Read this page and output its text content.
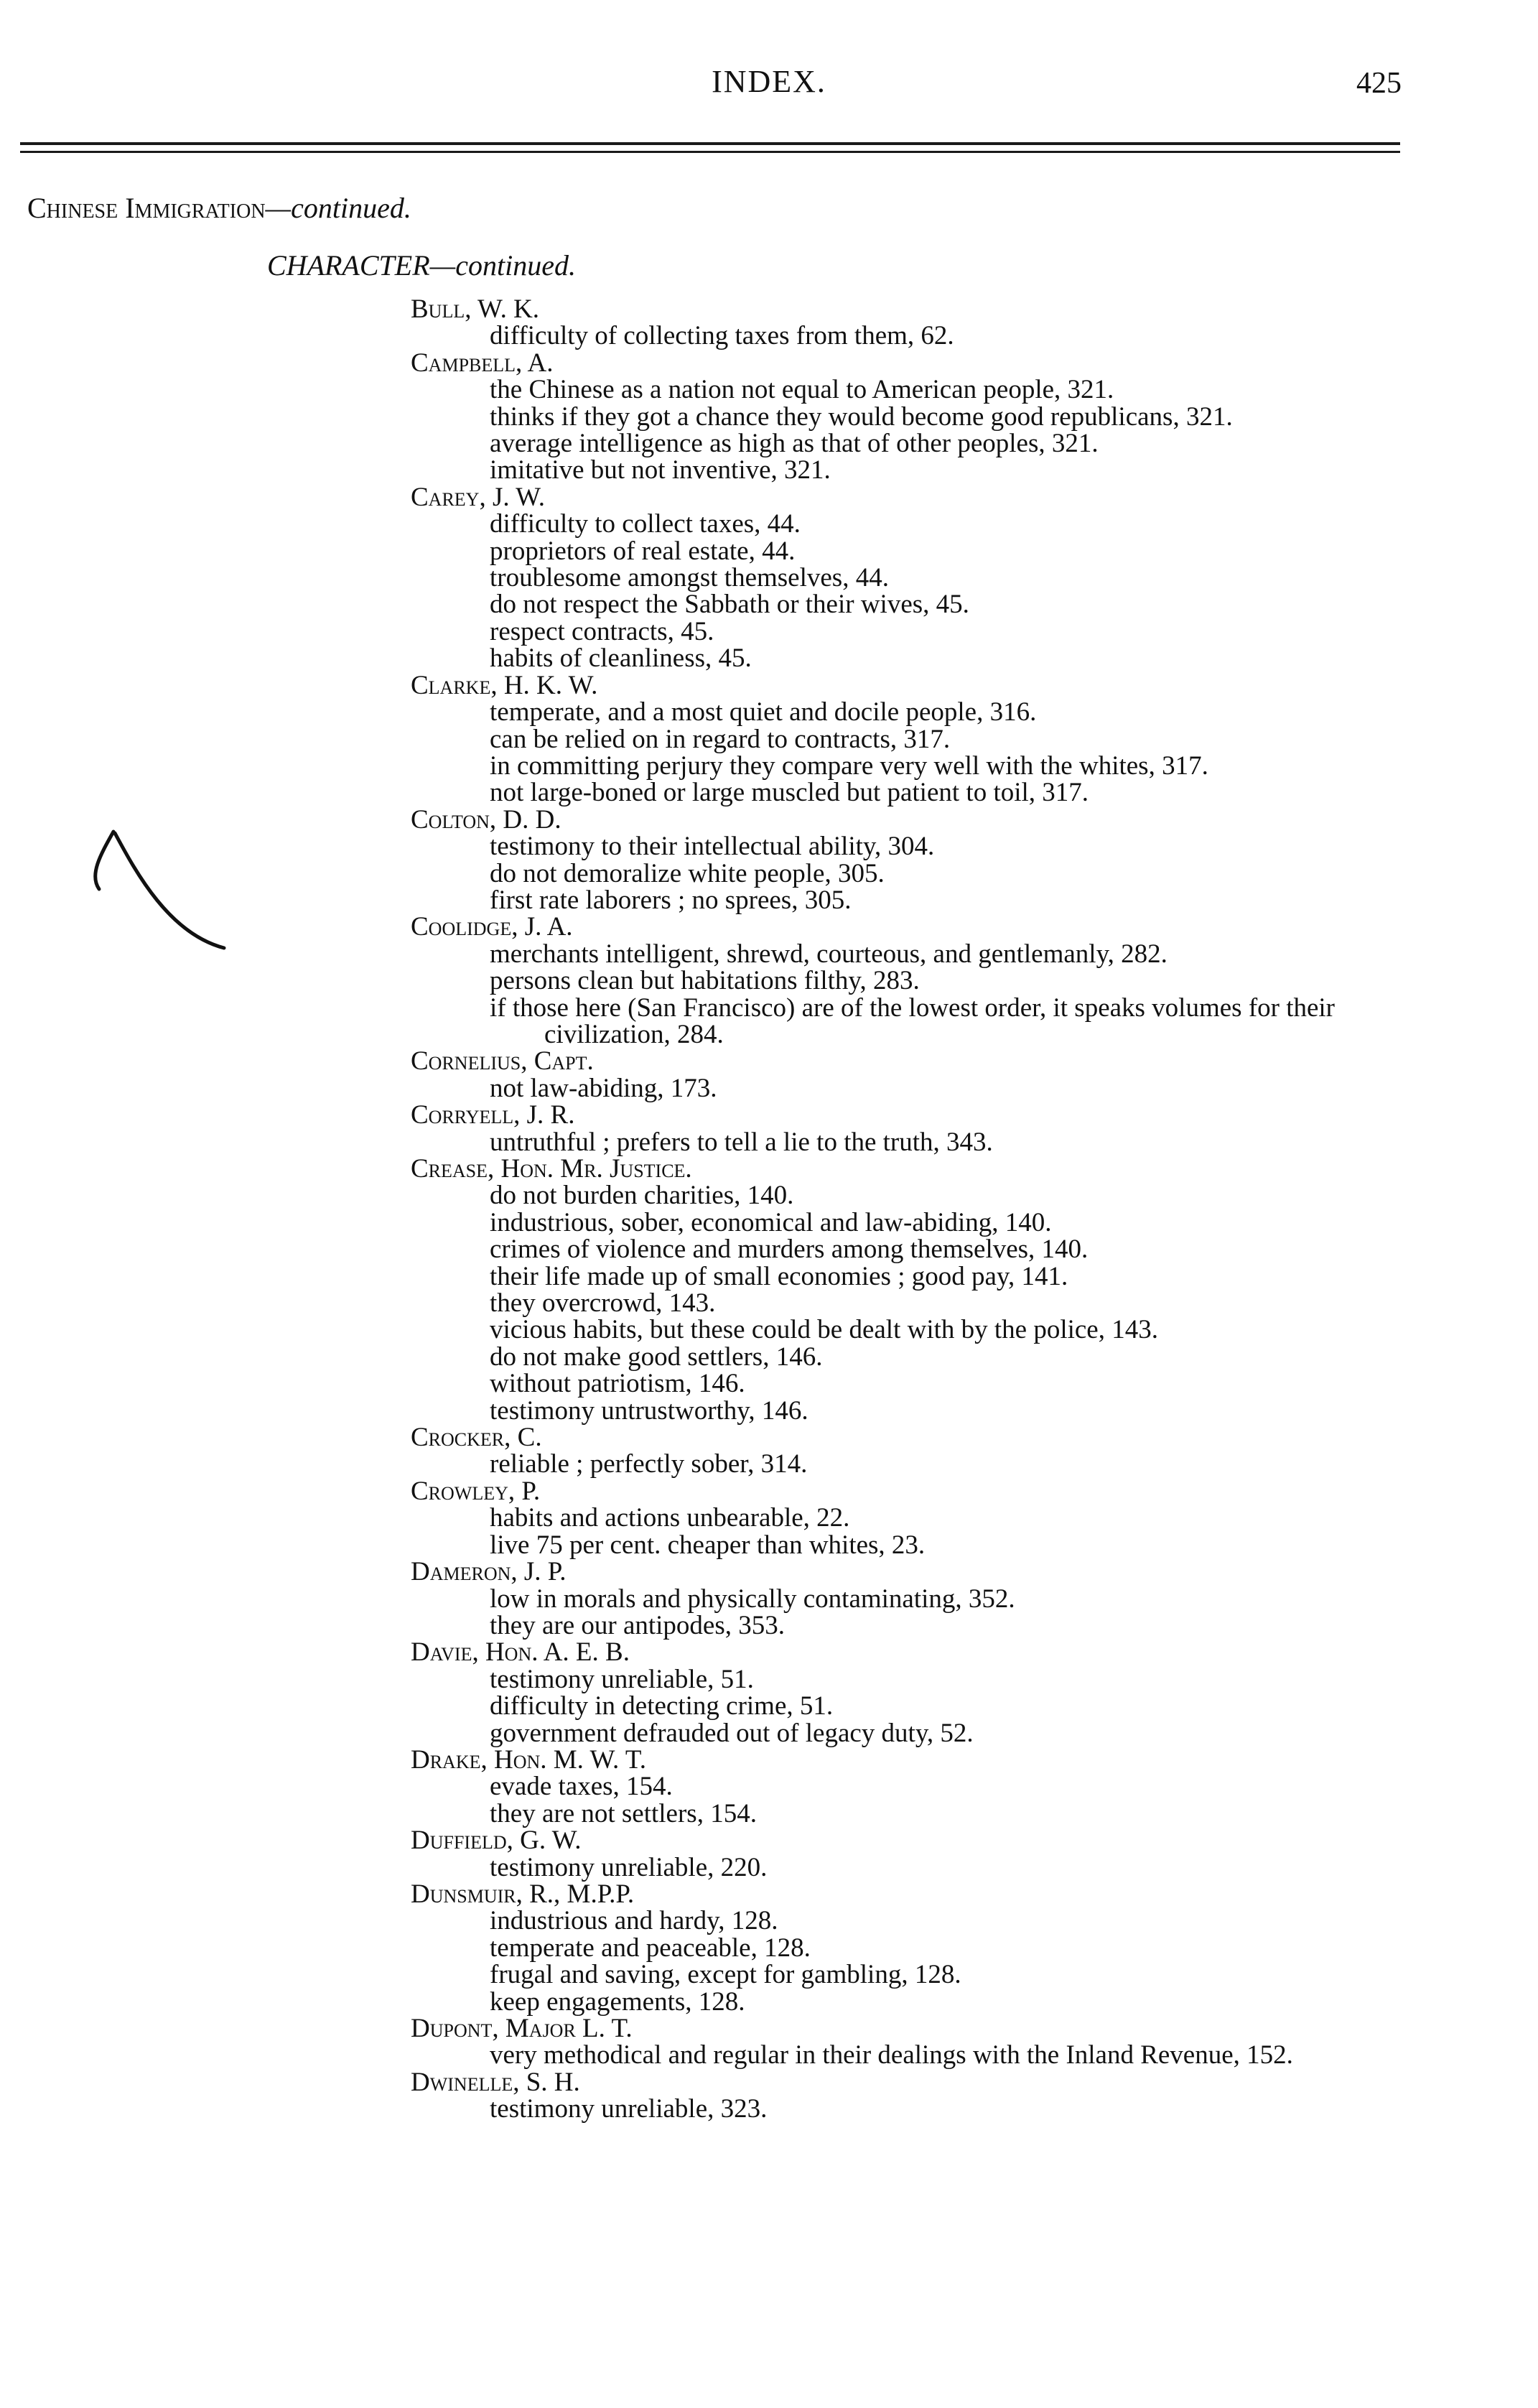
INDEX.	425
Chinese Immigration—continued.
CHARACTER—continued.
Bull, W. K.
difficulty of collecting taxes from them, 62.
Campbell, A.
the Chinese as a nation not equal to American people, 321.
thinks if they got a chance they would become good republicans, 321.
average intelligence as high as that of other peoples, 321.
imitative but not inventive, 321.
Carey, J. W.
difficulty to collect taxes, 44.
proprietors of real estate, 44.
troublesome amongst themselves, 44.
do not respect the Sabbath or their wives, 45.
respect contracts, 45.
habits of cleanliness, 45.
Clarke, H. K. W.
temperate, and a most quiet and docile people, 316.
can be relied on in regard to contracts, 317.
in committing perjury they compare very well with the whites, 317.
not large-boned or large muscled but patient to toil, 317.
Colton, D. D.
testimony to their intellectual ability, 304.
do not demoralize white people, 305.
first rate laborers ; no sprees, 305.
Coolidge, J. A.
merchants intelligent, shrewd, courteous, and gentlemanly, 282.
persons clean but habitations filthy, 283.
if those here (San Francisco) are of the lowest order, it speaks volumes for their civilization, 284.
Cornelius, Capt.
not law-abiding, 173.
Corryell, J. R.
untruthful ; prefers to tell a lie to the truth, 343.
Crease, Hon. Mr. Justice.
do not burden charities, 140.
industrious, sober, economical and law-abiding, 140.
crimes of violence and murders among themselves, 140.
their life made up of small economies ; good pay, 141.
they overcrowd, 143.
vicious habits, but these could be dealt with by the police, 143.
do not make good settlers, 146.
without patriotism, 146.
testimony untrustworthy, 146.
Crocker, C.
reliable ; perfectly sober, 314.
Crowley, P.
habits and actions unbearable, 22.
live 75 per cent. cheaper than whites, 23.
Dameron, J. P.
low in morals and physically contaminating, 352.
they are our antipodes, 353.
Davie, Hon. A. E. B.
testimony unreliable, 51.
difficulty in detecting crime, 51.
government defrauded out of legacy duty, 52.
Drake, Hon. M. W. T.
evade taxes, 154.
they are not settlers, 154.
Duffield, G. W.
testimony unreliable, 220.
Dunsmuir, R., M.P.P.
industrious and hardy, 128.
temperate and peaceable, 128.
frugal and saving, except for gambling, 128.
keep engagements, 128.
Dupont, Major L. T.
very methodical and regular in their dealings with the Inland Revenue, 152.
Dwinelle, S. H.
testimony unreliable, 323.
